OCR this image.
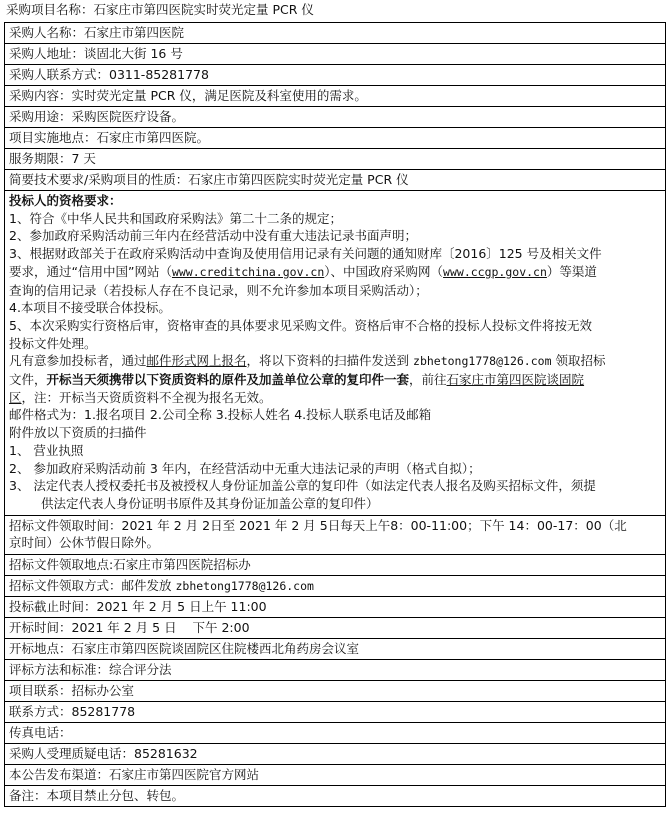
采购项目名称：石家庄市第四医院实时荧光定量 PCR 仪
采购人名称：石家庄市第四医院
采购人地址：谈固北大街 16 号
采购人联系方式：0311-85281778
采购内容：实时荧光定量 PCR 仪，满足医院及科室使用的需求。
采购用途：采购医院医疗设备。
项目实施地点：石家庄市第四医院。
服务期限：7 天
简要技术要求/采购项目的性质：石家庄市第四医院实时荧光定量 PCR 仪
投标人的资格要求：
1、符合《中华人民共和国政府采购法》第二十二条的规定；
2、参加政府采购活动前三年内在经营活动中没有重大违法记录书面声明；
3、根据财政部关于在政府采购活动中查询及使用信用记录有关问题的通知财库〔2016〕125 号及相关文件
要求，通过“信用中国”网站（www.creditchina.gov.cn）、中国政府采购网（www.ccgp.gov.cn）等渠道
查询的信用记录（若投标人存在不良记录，则不允许参加本项目采购活动）；
4.本项目不接受联合体投标。
5、本次采购实行资格后审，资格审查的具体要求见采购文件。资格后审不合格的投标人投标文件将按无效
投标文件处理。
凡有意参加投标者，通过邮件形式网上报名，将以下资料的扫描件发送到 zbhetong1778@126.com 领取招标
文件，开标当天须携带以下资质资料的原件及加盖单位公章的复印件一套，前往石家庄市第四医院谈固院
区，注：开标当天资质资料不全视为报名无效。
邮件格式为：1.报名项目 2.公司全称 3.投标人姓名 4.投标人联系电话及邮箱
附件放以下资质的扫描件
1、 营业执照
2、 参加政府采购活动前 3 年内，在经营活动中无重大违法记录的声明（格式自拟）；
3、 法定代表人授权委托书及被授权人身份证加盖公章的复印件（如法定代表人报名及购买招标文件，须提
供法定代表人身份证明书原件及其身份证加盖公章的复印件）
招标文件领取时间：2021 年 2 月 2日至 2021 年 2 月 5日每天上午8：00-11:00；下午 14：00-17：00（北
京时间）公休节假日除外。
招标文件领取地点:石家庄市第四医院招标办
招标文件领取方式：邮件发放 zbhetong1778@126.com
投标截止时间：2021 年 2 月 5 日上午 11:00
开标时间：2021 年 2 月 5 日    下午 2:00
开标地点：石家庄市第四医院谈固院区住院楼西北角药房会议室
评标方法和标准：综合评分法
项目联系：招标办公室
联系方式：85281778
传真电话：
采购人受理质疑电话：85281632
本公告发布渠道：石家庄市第四医院官方网站
备注：本项目禁止分包、转包。
